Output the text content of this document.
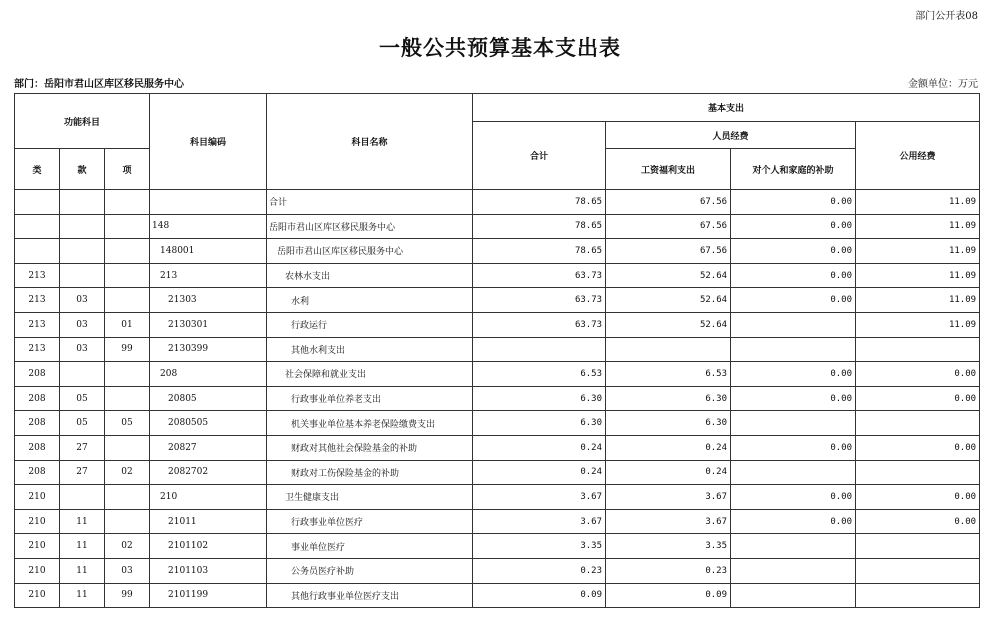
部门公开表08
一般公共预算基本支出表
部门：岳阳市君山区库区移民服务中心	金额单位：万元
功能科目			科目编码	科目名称	基本支出			
					合计	人员经费		公用经费
类	款	项				工资福利支出	对个人和家庭的补助	
				合计	78.65	67.56	0.00	11.09
			148	岳阳市君山区库区移民服务中心	78.65	67.56	0.00	11.09
			148001	岳阳市君山区库区移民服务中心	78.65	67.56	0.00	11.09
213			213	农林水支出	63.73	52.64	0.00	11.09
213	03		21303	水利	63.73	52.64	0.00	11.09
213	03	01	2130301	行政运行	63.73	52.64		11.09
213	03	99	2130399	其他水利支出				
208			208	社会保障和就业支出	6.53	6.53	0.00	0.00
208	05		20805	行政事业单位养老支出	6.30	6.30	0.00	0.00
208	05	05	2080505	机关事业单位基本养老保险缴费支出	6.30	6.30		
208	27		20827	财政对其他社会保险基金的补助	0.24	0.24	0.00	0.00
208	27	02	2082702	财政对工伤保险基金的补助	0.24	0.24		
210			210	卫生健康支出	3.67	3.67	0.00	0.00
210	11		21011	行政事业单位医疗	3.67	3.67	0.00	0.00
210	11	02	2101102	事业单位医疗	3.35	3.35		
210	11	03	2101103	公务员医疗补助	0.23	0.23		
210	11	99	2101199	其他行政事业单位医疗支出	0.09	0.09		
